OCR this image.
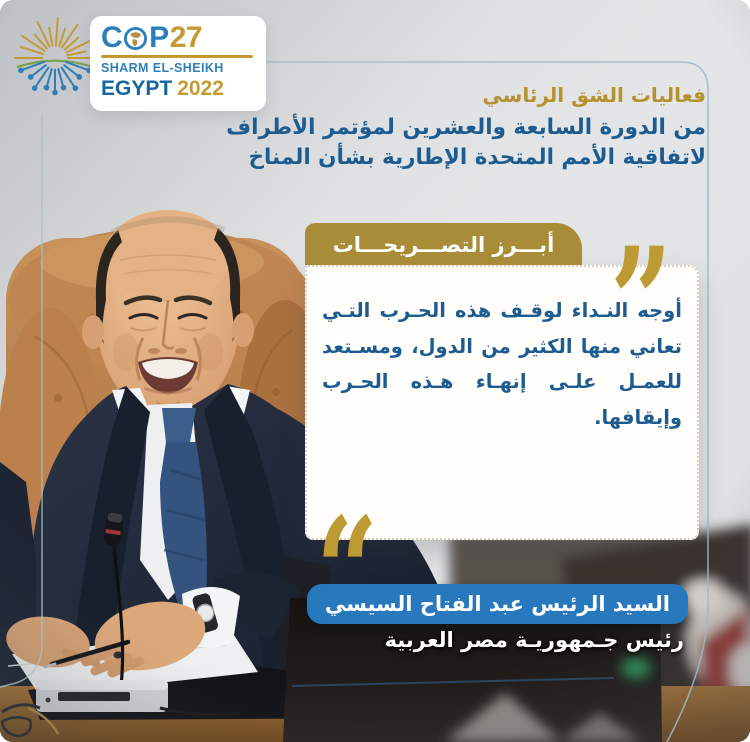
C P 27
SHARM EL-SHEIKH
EGYPT 2022	فعاليات الشق الرئاسي
من الدورة السابعة والعشرين لمؤتمر الأطراف
لاتفاقية الأمم المتحدة الإطارية بشأن المناخ
أبـــرز التصـــريحـــات
أوجه النـداء لوقـف هذه الحـرب التـي
تعاني منها الكثير من الدول، ومسـتعد
للعمـل علـى إنهـاء هـذه الحـرب
وإيقافها.
”
“
السيد الرئيس عبد الفتاح السيسي
رئيس جـمهوريـة مصر العربية
